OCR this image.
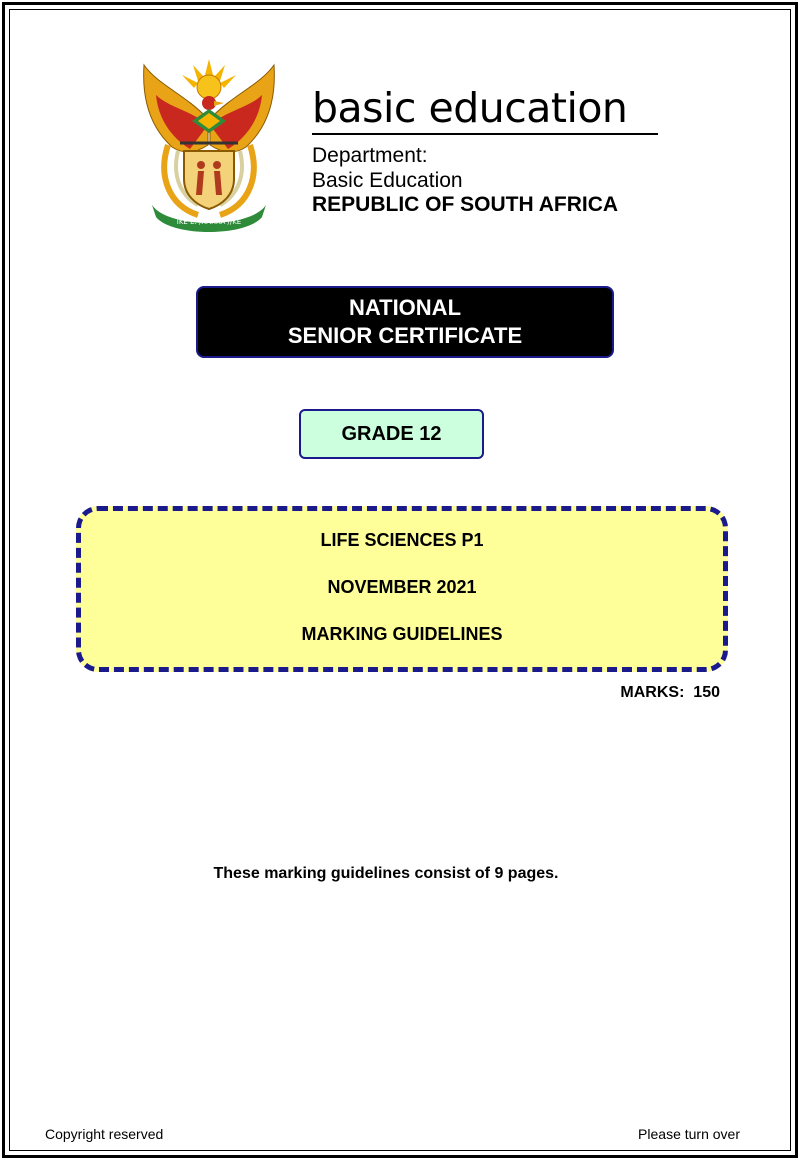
IKE E: /XARRA //KE
basic education
Department:
Basic Education
REPUBLIC OF SOUTH AFRICA
NATIONAL
SENIOR CERTIFICATE
GRADE 12
LIFE SCIENCES P1
NOVEMBER 2021
MARKING GUIDELINES
MARKS:  150
These marking guidelines consist of 9 pages.
Copyright reserved	Please turn over
